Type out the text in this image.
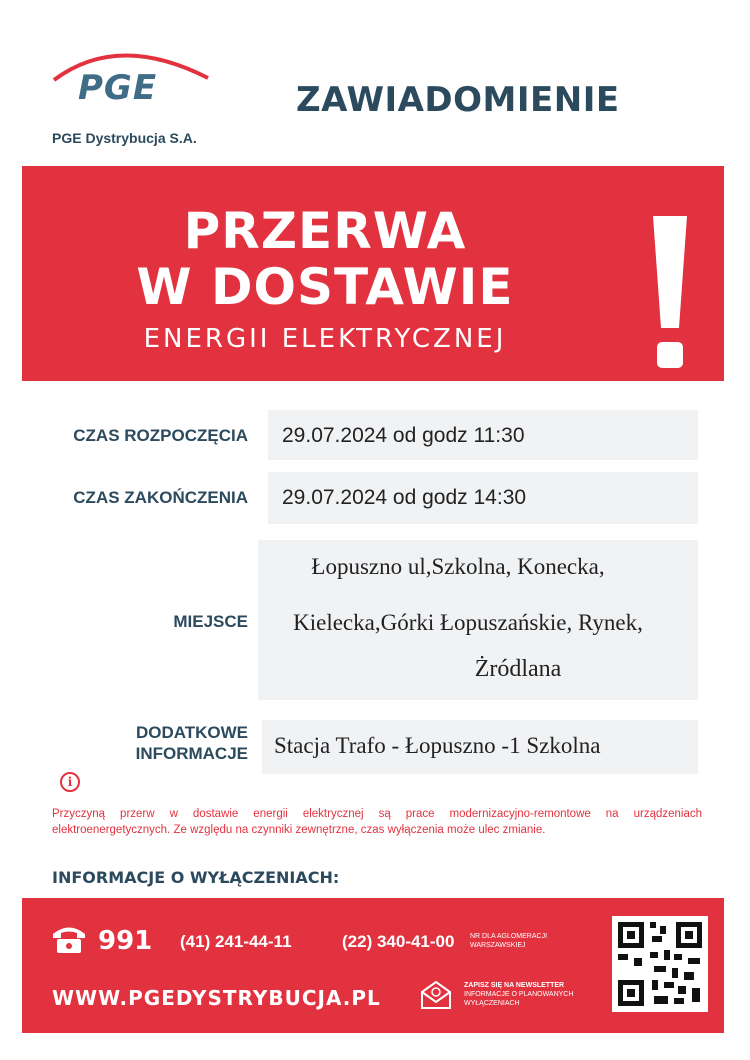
PGE
PGE Dystrybucja S.A.
ZAWIADOMIENIE
PRZERWA
W DOSTAWIE
ENERGII ELEKTRYCZNEJ
CZAS ROZPOCZĘCIA 29.07.2024 od godz 11:30
CZAS ZAKOŃCZENIA 29.07.2024 od godz 14:30
MIEJSCE
Łopuszno ul,Szkolna, Konecka,
Kielecka,Górki Łopuszańskie, Rynek,
Żródlana
DODATKOWE
INFORMACJE Stacja Trafo - Łopuszno -1 Szkolna
i
Przyczyną przerw w dostawie energii elektrycznej są prace modernizacyjno-remontowe na urządzeniach elektroenergetycznych. Ze względu na czynniki zewnętrzne, czas wyłączenia może ulec zmianie.
INFORMACJE O WYŁĄCZENIACH:
991 (41) 241-44-11	(22) 340-41-00 NR DLA AGLOMERACJI WARSZAWSKIEJ
WWW.PGEDYSTRYBUCJA.PL
ZAPISZ SIĘ NA NEWSLETTER
INFORMACJE O PLANOWANYCH WYŁĄCZENIACH
